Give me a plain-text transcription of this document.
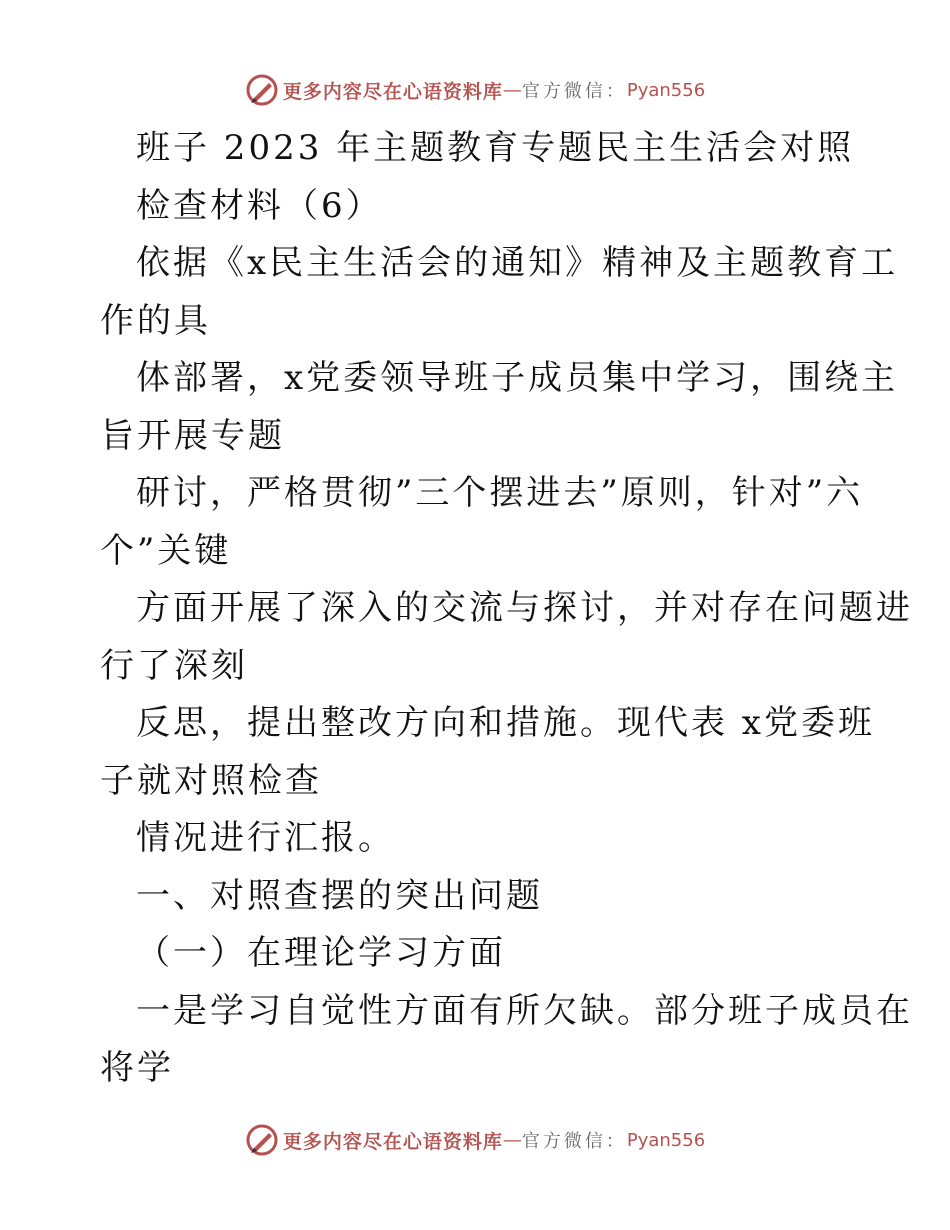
更多内容尽在心语资料库 — 官方微信： Pyan556
班子 2023 年主题教育专题民主生活会对照
检查材料（6）
依据《x民主生活会的通知》精神及主题教育工
作的具
体部署，x党委领导班子成员集中学习，围绕主
旨开展专题
研讨，严格贯彻”三个摆进去”原则，针对”六
个”关键
方面开展了深入的交流与探讨，并对存在问题进
行了深刻
反思，提出整改方向和措施。现代表 x党委班
子就对照检查
情况进行汇报。
一、对照查摆的突出问题
（一）在理论学习方面
一是学习自觉性方面有所欠缺。部分班子成员在
将学
更多内容尽在心语资料库 — 官方微信： Pyan556
